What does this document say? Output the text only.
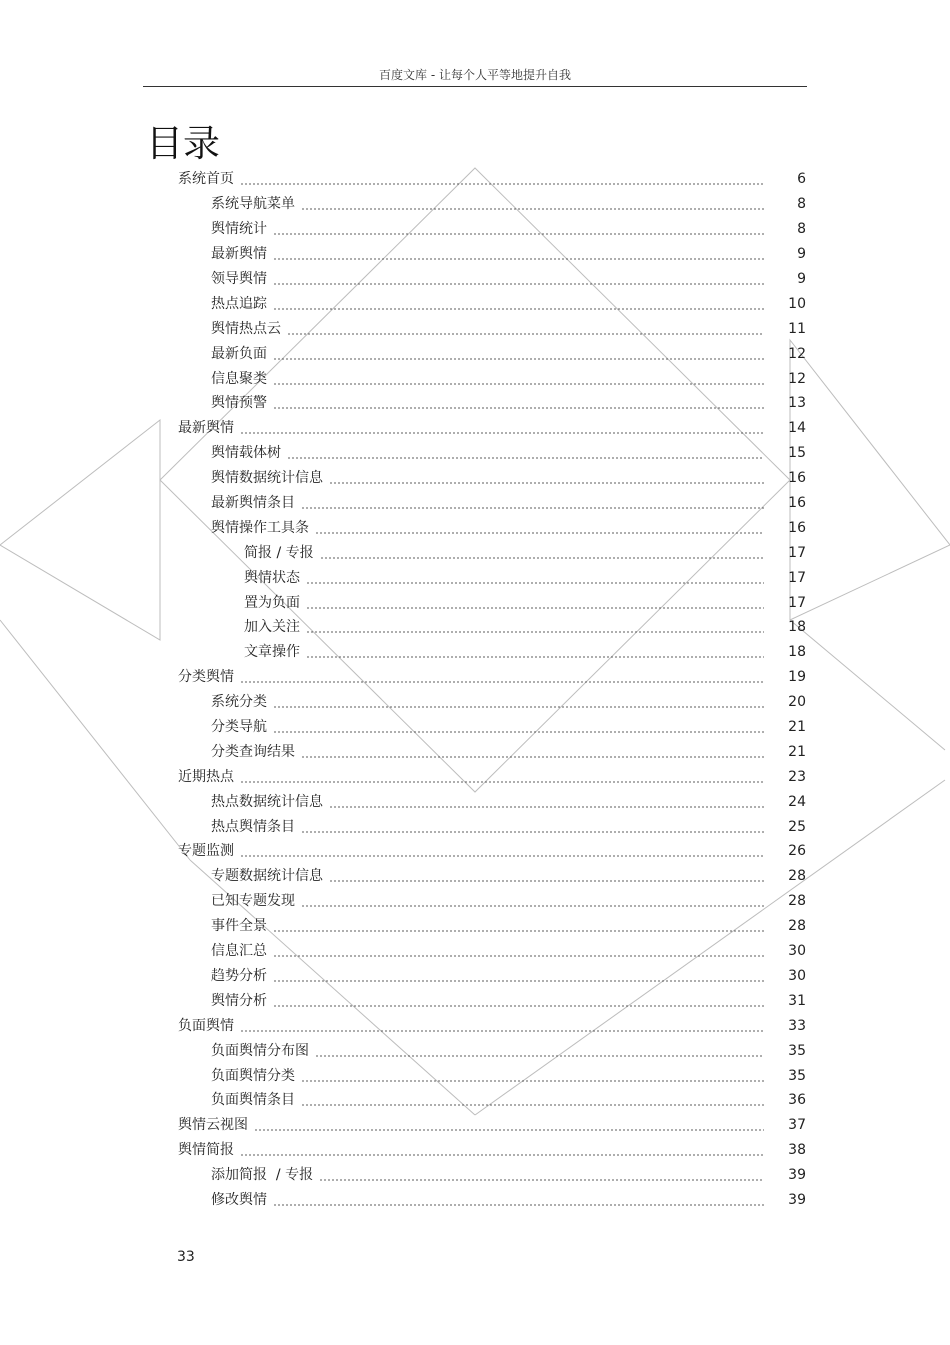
百度文库 - 让每个人平等地提升自我
目录
系统首页	6
系统导航菜单	8
舆情统计	8
最新舆情	9
领导舆情	9
热点追踪	10
舆情热点云	11
最新负面	12
信息聚类	12
舆情预警	13
最新舆情	14
舆情载体树	15
舆情数据统计信息	16
最新舆情条目	16
舆情操作工具条	16
简报 / 专报	17
舆情状态	17
置为负面	17
加入关注	18
文章操作	18
分类舆情	19
系统分类	20
分类导航	21
分类查询结果	21
近期热点	23
热点数据统计信息	24
热点舆情条目	25
专题监测	26
专题数据统计信息	28
已知专题发现	28
事件全景	28
信息汇总	30
趋势分析	30
舆情分析	31
负面舆情	33
负面舆情分布图	35
负面舆情分类	35
负面舆情条目	36
舆情云视图	37
舆情简报	38
添加简报  / 专报	39
修改舆情	39
33
